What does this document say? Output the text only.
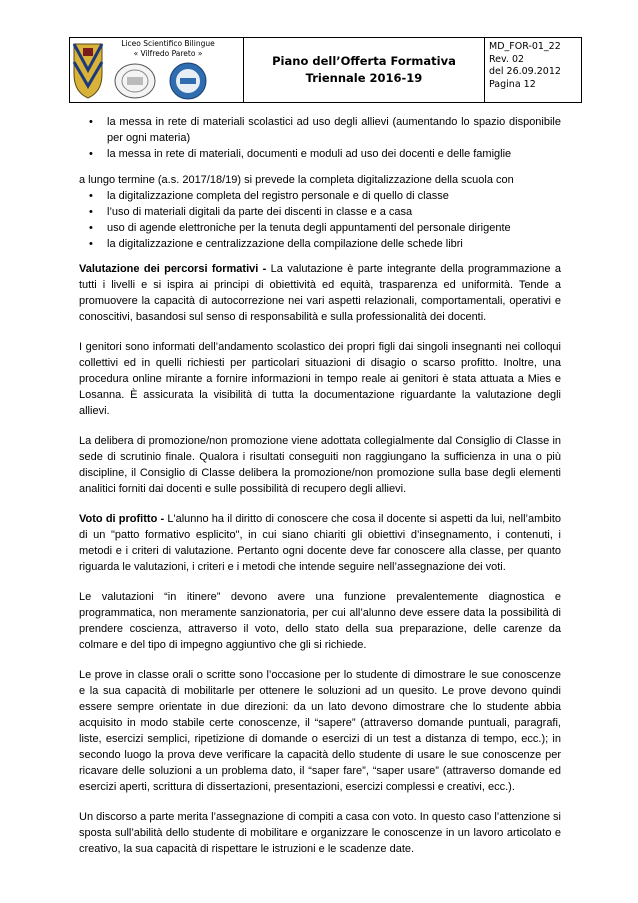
Liceo Scientifico Bilingue
« Vilfredo Pareto »
Piano dell’Offerta Formativa
Triennale 2016-19
MD_FOR-01_22
Rev. 02
del 26.09.2012
Pagina 12
• la messa in rete di materiali scolastici ad uso degli allievi (aumentando lo spazio disponibile per ogni materia)
• la messa in rete di materiali, documenti e moduli ad uso dei docenti e delle famiglie

a lungo termine (a.s. 2017/18/19) si prevede la completa digitalizzazione della scuola con

• la digitalizzazione completa del registro personale e di quello di classe
• l’uso di materiali digitali da parte dei discenti in classe e a casa
• uso di agende elettroniche per la tenuta degli appuntamenti del personale dirigente
• la digitalizzazione e centralizzazione della compilazione delle schede libri

Valutazione dei percorsi formativi - La valutazione è parte integrante della programmazione a tutti i livelli e si ispira ai principi di obiettività ed equità, trasparenza ed uniformità. Tende a promuovere la capacità di autocorrezione nei vari aspetti relazionali, comportamentali, operativi e conoscitivi, basandosi sul senso di responsabilità e sulla professionalità dei docenti.

I genitori sono informati dell’andamento scolastico dei propri figli dai singoli insegnanti nei colloqui collettivi ed in quelli richiesti per particolari situazioni di disagio o scarso profitto. Inoltre, una procedura online mirante a fornire informazioni in tempo reale ai genitori è stata attuata a Mies e Losanna. È assicurata la visibilità di tutta la documentazione riguardante la valutazione degli allievi.

La delibera di promozione/non promozione viene adottata collegialmente dal Consiglio di Classe in sede di scrutinio finale. Qualora i risultati conseguiti non raggiungano la sufficienza in una o più discipline, il Consiglio di Classe delibera la promozione/non promozione sulla base degli elementi analitici forniti dai docenti e sulle possibilità di recupero degli allievi.

Voto di profitto - L'alunno ha il diritto di conoscere che cosa il docente si aspetti da lui, nell’ambito di un "patto formativo esplicito", in cui siano chiariti gli obiettivi d’insegnamento, i contenuti, i metodi e i criteri di valutazione. Pertanto ogni docente deve far conoscere alla classe, per quanto riguarda le valutazioni, i criteri e i metodi che intende seguire nell’assegnazione dei voti.

Le valutazioni “in itinere” devono avere una funzione prevalentemente diagnostica e programmatica, non meramente sanzionatoria, per cui all’alunno deve essere data la possibilità di prendere coscienza, attraverso il voto, dello stato della sua preparazione, delle carenze da colmare e del tipo di impegno aggiuntivo che gli si richiede.

Le prove in classe orali o scritte sono l’occasione per lo studente di dimostrare le sue conoscenze e la sua capacità di mobilitarle per ottenere le soluzioni ad un quesito. Le prove devono quindi essere sempre orientate in due direzioni: da un lato devono dimostrare che lo studente abbia acquisito in modo stabile certe conoscenze, il “sapere” (attraverso domande puntuali, paragrafi, liste, esercizi semplici, ripetizione di domande o esercizi di un test a distanza di tempo, ecc.); in secondo luogo la prova deve verificare la capacità dello studente di usare le sue conoscenze per ricavare delle soluzioni a un problema dato, il “saper fare”, “saper usare” (attraverso domande ed esercizi aperti, scrittura di dissertazioni, presentazioni, esercizi complessi e creativi, ecc.).

Un discorso a parte merita l’assegnazione di compiti a casa con voto. In questo caso l’attenzione si sposta sull’abilità dello studente di mobilitare e organizzare le conoscenze in un lavoro articolato e creativo, la sua capacità di rispettare le istruzioni e le scadenze date.
